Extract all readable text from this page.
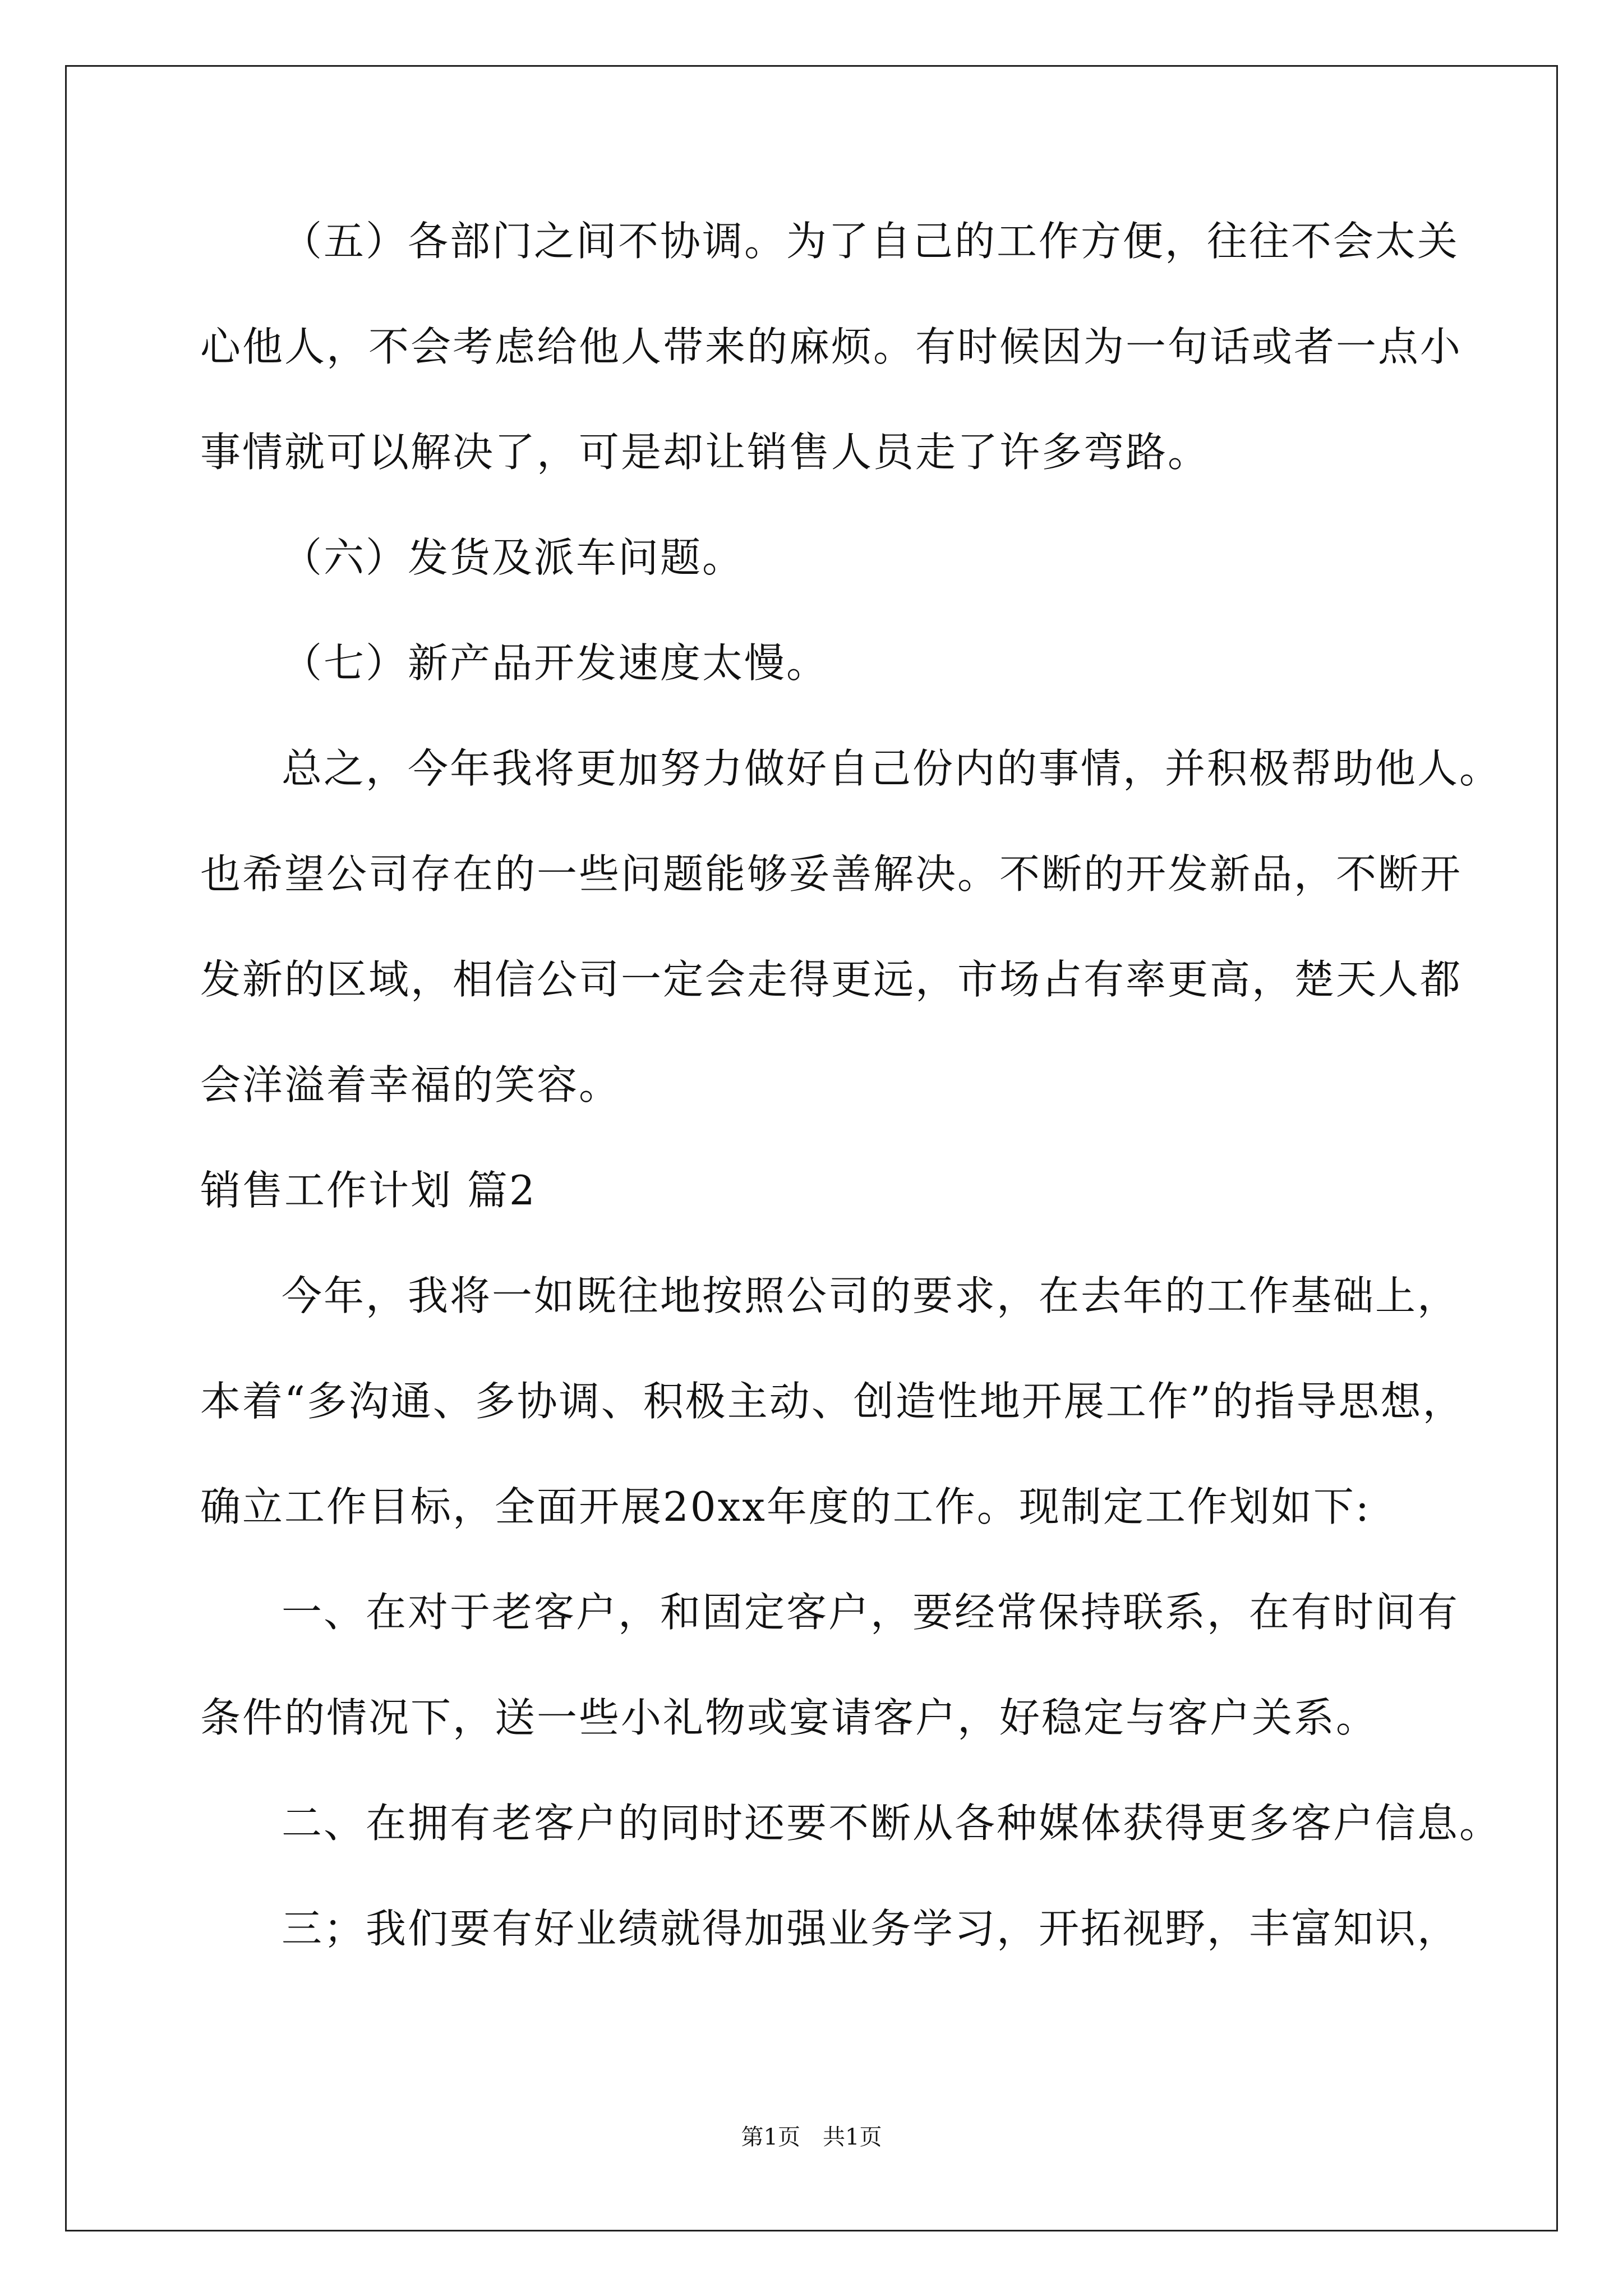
（五）各部门之间不协调。为了自己的工作方便，往往不会太关
心他人，不会考虑给他人带来的麻烦。有时候因为一句话或者一点小
事情就可以解决了，可是却让销售人员走了许多弯路。
（六）发货及派车问题。
（七）新产品开发速度太慢。
总之，今年我将更加努力做好自己份内的事情，并积极帮助他人。
也希望公司存在的一些问题能够妥善解决。不断的开发新品，不断开
发新的区域，相信公司一定会走得更远，市场占有率更高，楚天人都
会洋溢着幸福的笑容。
销售工作计划 篇2
今年，我将一如既往地按照公司的要求，在去年的工作基础上，
本着“多沟通、多协调、积极主动、创造性地开展工作”的指导思想，
确立工作目标，全面开展20xx年度的工作。现制定工作划如下:
一、在对于老客户，和固定客户，要经常保持联系，在有时间有
条件的情况下，送一些小礼物或宴请客户，好稳定与客户关系。
二、在拥有老客户的同时还要不断从各种媒体获得更多客户信息。
三；我们要有好业绩就得加强业务学习，开拓视野，丰富知识，
第1页　共1页
